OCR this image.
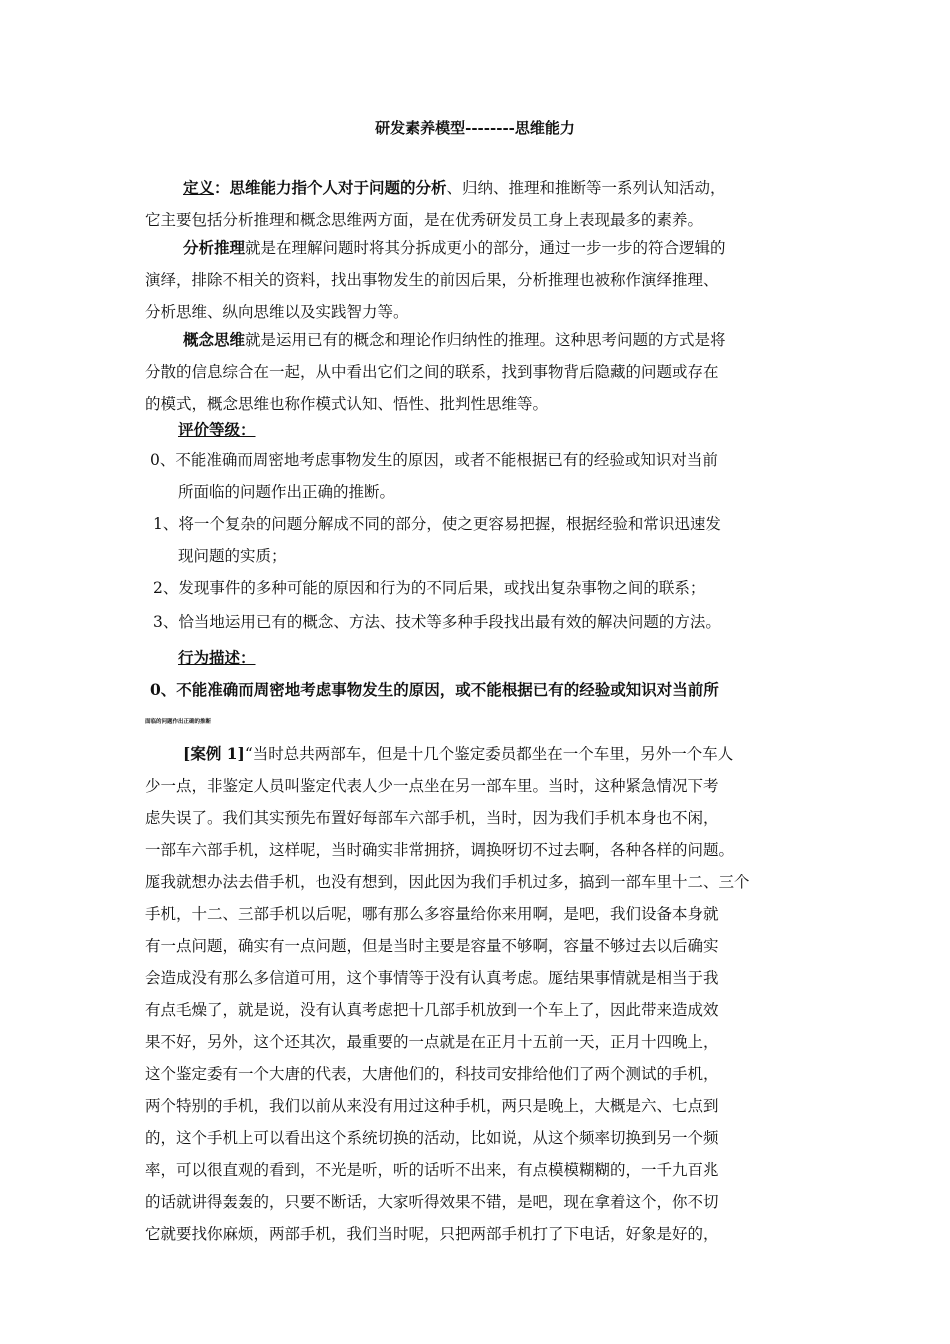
研发素养模型--------思维能力
定义：思维能力指个人对于问题的分析、归纳、推理和推断等一系列认知活动，
它主要包括分析推理和概念思维两方面，是在优秀研发员工身上表现最多的素养。
分析推理就是在理解问题时将其分拆成更小的部分，通过一步一步的符合逻辑的
演绎，排除不相关的资料，找出事物发生的前因后果，分析推理也被称作演绎推理、
分析思维、纵向思维以及实践智力等。
概念思维就是运用已有的概念和理论作归纳性的推理。这种思考问题的方式是将
分散的信息综合在一起，从中看出它们之间的联系，找到事物背后隐藏的问题或存在
的模式，概念思维也称作模式认知、悟性、批判性思维等。
评价等级：
0、不能准确而周密地考虑事物发生的原因，或者不能根据已有的经验或知识对当前
所面临的问题作出正确的推断。
1、将一个复杂的问题分解成不同的部分，使之更容易把握，根据经验和常识迅速发
现问题的实质；
2、发现事件的多种可能的原因和行为的不同后果，或找出复杂事物之间的联系；
3、恰当地运用已有的概念、方法、技术等多种手段找出最有效的解决问题的方法。
行为描述：
0、不能准确而周密地考虑事物发生的原因，或不能根据已有的经验或知识对当前所
面临的问题作出正确的推断
[案例 1]“当时总共两部车，但是十几个鉴定委员都坐在一个车里，另外一个车人
少一点，非鉴定人员叫鉴定代表人少一点坐在另一部车里。当时，这种紧急情况下考
虑失误了。我们其实预先布置好每部车六部手机，当时，因为我们手机本身也不闲，
一部车六部手机，这样呢，当时确实非常拥挤，调换呀切不过去啊，各种各样的问题。
厖我就想办法去借手机，也没有想到，因此因为我们手机过多，搞到一部车里十二、三个
手机，十二、三部手机以后呢，哪有那么多容量给你来用啊，是吧，我们设备本身就
有一点问题，确实有一点问题，但是当时主要是容量不够啊，容量不够过去以后确实
会造成没有那么多信道可用，这个事情等于没有认真考虑。厖结果事情就是相当于我
有点毛燥了，就是说，没有认真考虑把十几部手机放到一个车上了，因此带来造成效
果不好，另外，这个还其次，最重要的一点就是在正月十五前一天，正月十四晚上，
这个鉴定委有一个大唐的代表，大唐他们的，科技司安排给他们了两个测试的手机，
两个特别的手机，我们以前从来没有用过这种手机，两只是晚上，大概是六、七点到
的，这个手机上可以看出这个系统切换的活动，比如说，从这个频率切换到另一个频
率，可以很直观的看到，不光是听，听的话听不出来，有点模模糊糊的，一千九百兆
的话就讲得轰轰的，只要不断话，大家听得效果不错，是吧，现在拿着这个，你不切
它就要找你麻烦，两部手机，我们当时呢，只把两部手机打了下电话，好象是好的，
